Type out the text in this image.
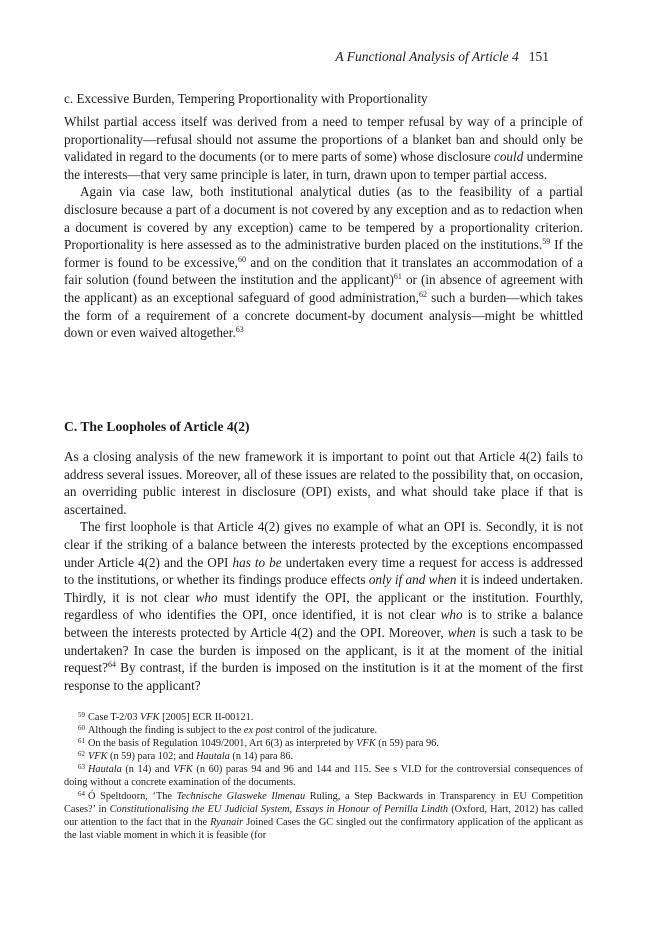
A Functional Analysis of Article 4 151
c. Excessive Burden, Tempering Proportionality with Proportionality

Whilst partial access itself was derived from a need to temper refusal by way of a principle of proportionality—refusal should not assume the proportions of a blanket ban and should only be validated in regard to the documents (or to mere parts of some) whose disclosure could undermine the interests—that very same principle is later, in turn, drawn upon to temper partial access.

Again via case law, both institutional analytical duties (as to the feasibility of a partial disclosure because a part of a document is not covered by any exception and as to redaction when a document is covered by any exception) came to be tempered by a proportionality criterion. Proportionality is here assessed as to the administrative burden placed on the institutions.$^{59}$ If the former is found to be excessive,$^{60}$ and on the condition that it translates an accommodation of a fair solution (found between the institution and the applicant)$^{61}$ or (in absence of agreement with the applicant) as an exceptional safeguard of good administration,$^{62}$ such a burden—which takes the form of a requirement of a concrete document-by document analysis—might be whittled down or even waived altogether.$^{63}$

C. The Loopholes of Article 4(2)

As a closing analysis of the new framework it is important to point out that Article 4(2) fails to address several issues. Moreover, all of these issues are related to the possibility that, on occasion, an overriding public interest in disclosure (OPI) exists, and what should take place if that is ascertained.

The first loophole is that Article 4(2) gives no example of what an OPI is. Secondly, it is not clear if the striking of a balance between the interests protected by the exceptions encompassed under Article 4(2) and the OPI has to be undertaken every time a request for access is addressed to the institutions, or whether its findings produce effects only if and when it is indeed undertaken. Thirdly, it is not clear who must identify the OPI, the applicant or the institution. Fourthly, regardless of who identifies the OPI, once identified, it is not clear who is to strike a balance between the interests protected by Article 4(2) and the OPI. Moreover, when is such a task to be undertaken? In case the burden is imposed on the applicant, is it at the moment of the initial request?$^{64}$ By contrast, if the burden is imposed on the institution is it at the moment of the first response to the applicant?

$^{59}$ Case T-2/03 VFK [2005] ECR II-00121.
$^{60}$ Although the finding is subject to the ex post control of the judicature.
$^{61}$ On the basis of Regulation 1049/2001, Art 6(3) as interpreted by VFK (n 59) para 96.
$^{62}$ VFK (n 59) para 102; and Hautala (n 14) para 86.
$^{63}$ Hautala (n 14) and VFK (n 60) paras 94 and 96 and 144 and 115. See s VI.D for the controversial consequences of doing without a concrete examination of the documents.
$^{64}$ Ó Speltdoorn, ‘The Technische Glasweke Ilmenau Ruling, a Step Backwards in Transparency in EU Competition Cases?’ in Constitutionalising the EU Judicial System, Essays in Honour of Pernilla Lindth (Oxford, Hart, 2012) has called our attention to the fact that in the Ryanair Joined Cases the GC singled out the confirmatory application of the applicant as the last viable moment in which it is feasible (for
